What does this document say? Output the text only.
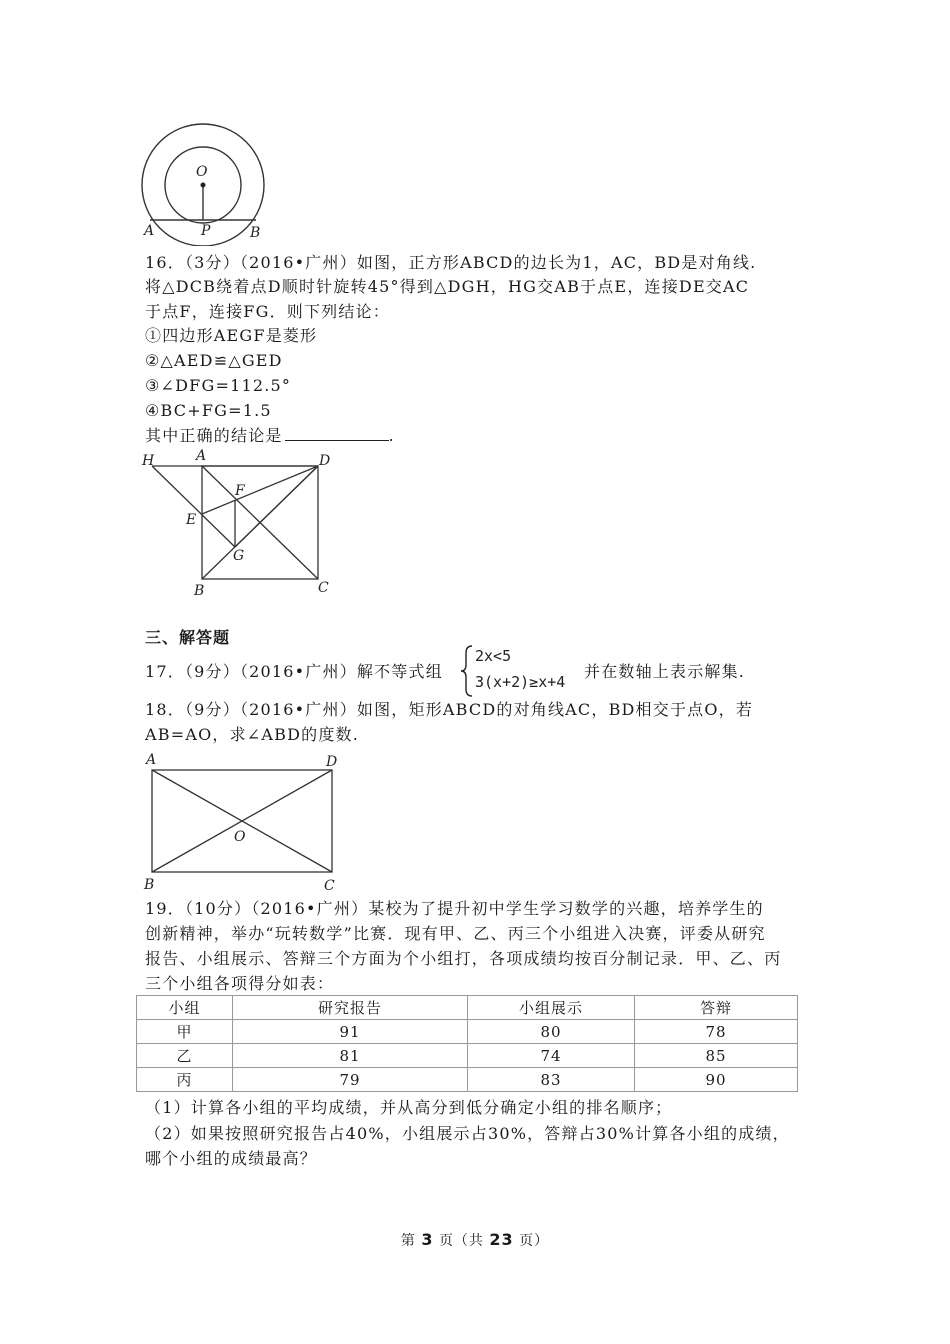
O
A	P	B
16．（3分）（2016•广州）如图，正方形ABCD的边长为1，AC，BD是对角线.
将△DCB绕着点D顺时针旋转45°得到△DGH，HG交AB于点E，连接DE交AC
于点F，连接FG．则下列结论：
①四边形AEGF是菱形
②△AED≌△GED
③∠DFG=112.5°
④BC+FG=1.5
其中正确的结论是	.
H	A	D
F
E
G
B	C
三、解答题
17．（9分）（2016•广州）解不等式组
2x<5
3(x+2)≥x+4
并在数轴上表示解集.
18．（9分）（2016•广州）如图，矩形ABCD的对角线AC，BD相交于点O，若
AB=AO，求∠ABD的度数.
A	D
O
B	C
19．（10分）（2016•广州）某校为了提升初中学生学习数学的兴趣，培养学生的
创新精神，举办“玩转数学”比赛．现有甲、乙、丙三个小组进入决赛，评委从研究
报告、小组展示、答辩三个方面为个小组打，各项成绩均按百分制记录．甲、乙、丙
三个小组各项得分如表：
小组	研究报告	小组展示	答辩
甲	91	80	78
乙	81	74	85
丙	79	83	90
（1）计算各小组的平均成绩，并从高分到低分确定小组的排名顺序；
（2）如果按照研究报告占40%，小组展示占30%，答辩占30%计算各小组的成绩，
哪个小组的成绩最高？
第 3 页（共 23 页）
